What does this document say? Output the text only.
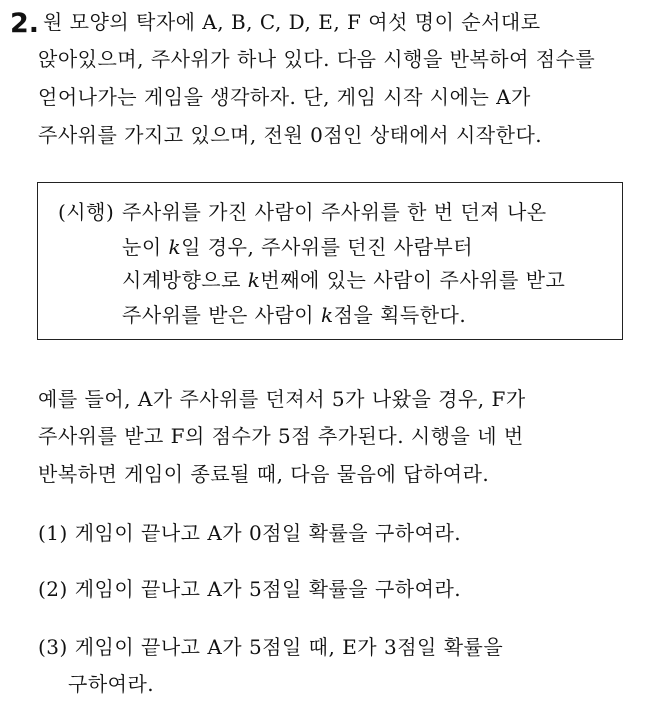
2. 원 모양의 탁자에 A, B, C, D, E, F 여섯 명이 순서대로
앉아있으며, 주사위가 하나 있다. 다음 시행을 반복하여 점수를
얻어나가는 게임을 생각하자. 단, 게임 시작 시에는 A가
주사위를 가지고 있으며, 전원 0점인 상태에서 시작한다.
(시행) 주사위를 가진 사람이 주사위를 한 번 던져 나온
눈이 k일 경우, 주사위를 던진 사람부터
시계방향으로 k번째에 있는 사람이 주사위를 받고
주사위를 받은 사람이 k점을 획득한다.
예를 들어, A가 주사위를 던져서 5가 나왔을 경우, F가
주사위를 받고 F의 점수가 5점 추가된다. 시행을 네 번
반복하면 게임이 종료될 때, 다음 물음에 답하여라.
(1) 게임이 끝나고 A가 0점일 확률을 구하여라.
(2) 게임이 끝나고 A가 5점일 확률을 구하여라.
(3) 게임이 끝나고 A가 5점일 때, E가 3점일 확률을
구하여라.
